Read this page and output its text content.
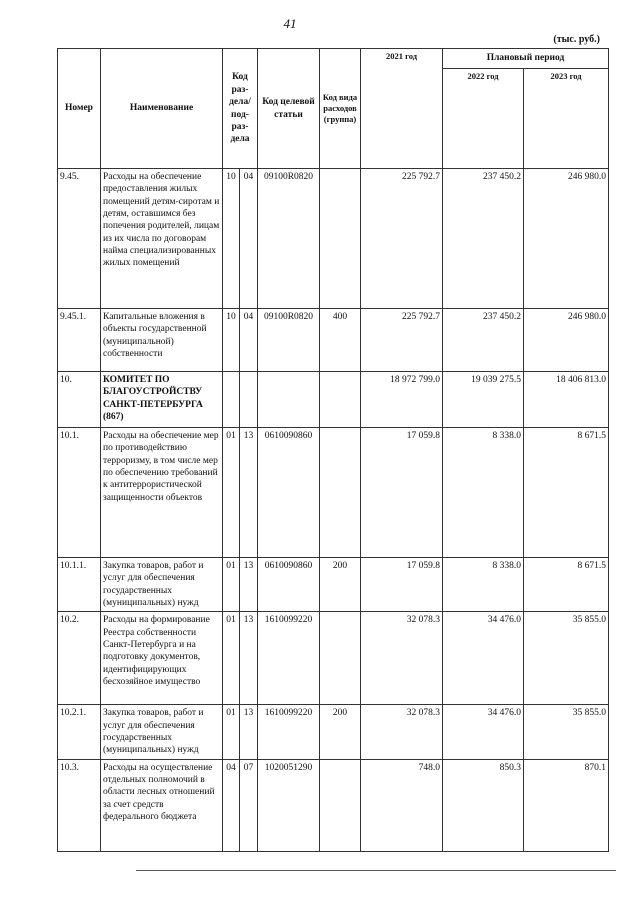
41
(тыс. руб.)
Номер	Наименование	Код раз-дела/ под-раз-дела		Код целевой статьи	Код вида расходов (группа)	2021 год	Плановый период	
							2022 год	2023 год
9.45.	Расходы на обеспечение предоставления жилых помещений детям-сиротам и детям, оставшимся без попечения родителей, лицам из их числа по договорам найма специализированных жилых помещений	10	04	09100R0820		225 792.7	237 450.2	246 980.0
9.45.1.	Капитальные вложения в объекты государственной (муниципальной) собственности	10	04	09100R0820	400	225 792.7	237 450.2	246 980.0
10.	КОМИТЕТ ПО БЛАГОУСТРОЙСТВУ САНКТ-ПЕТЕРБУРГА (867)					18 972 799.0	19 039 275.5	18 406 813.0
10.1.	Расходы на обеспечение мер по противодействию терроризму, в том числе мер по обеспечению требований к антитеррористической защищенности объектов	01	13	0610090860		17 059.8	8 338.0	8 671.5
10.1.1.	Закупка товаров, работ и услуг для обеспечения государственных (муниципальных) нужд	01	13	0610090860	200	17 059.8	8 338.0	8 671.5
10.2.	Расходы на формирование Реестра собственности Санкт-Петербурга и на подготовку документов, идентифицирующих бесхозяйное имущество	01	13	1610099220		32 078.3	34 476.0	35 855.0
10.2.1.	Закупка товаров, работ и услуг для обеспечения государственных (муниципальных) нужд	01	13	1610099220	200	32 078.3	34 476.0	35 855.0
10.3.	Расходы на осуществление отдельных полномочий в области лесных отношений за счет средств федерального бюджета	04	07	1020051290		748.0	850.3	870.1
